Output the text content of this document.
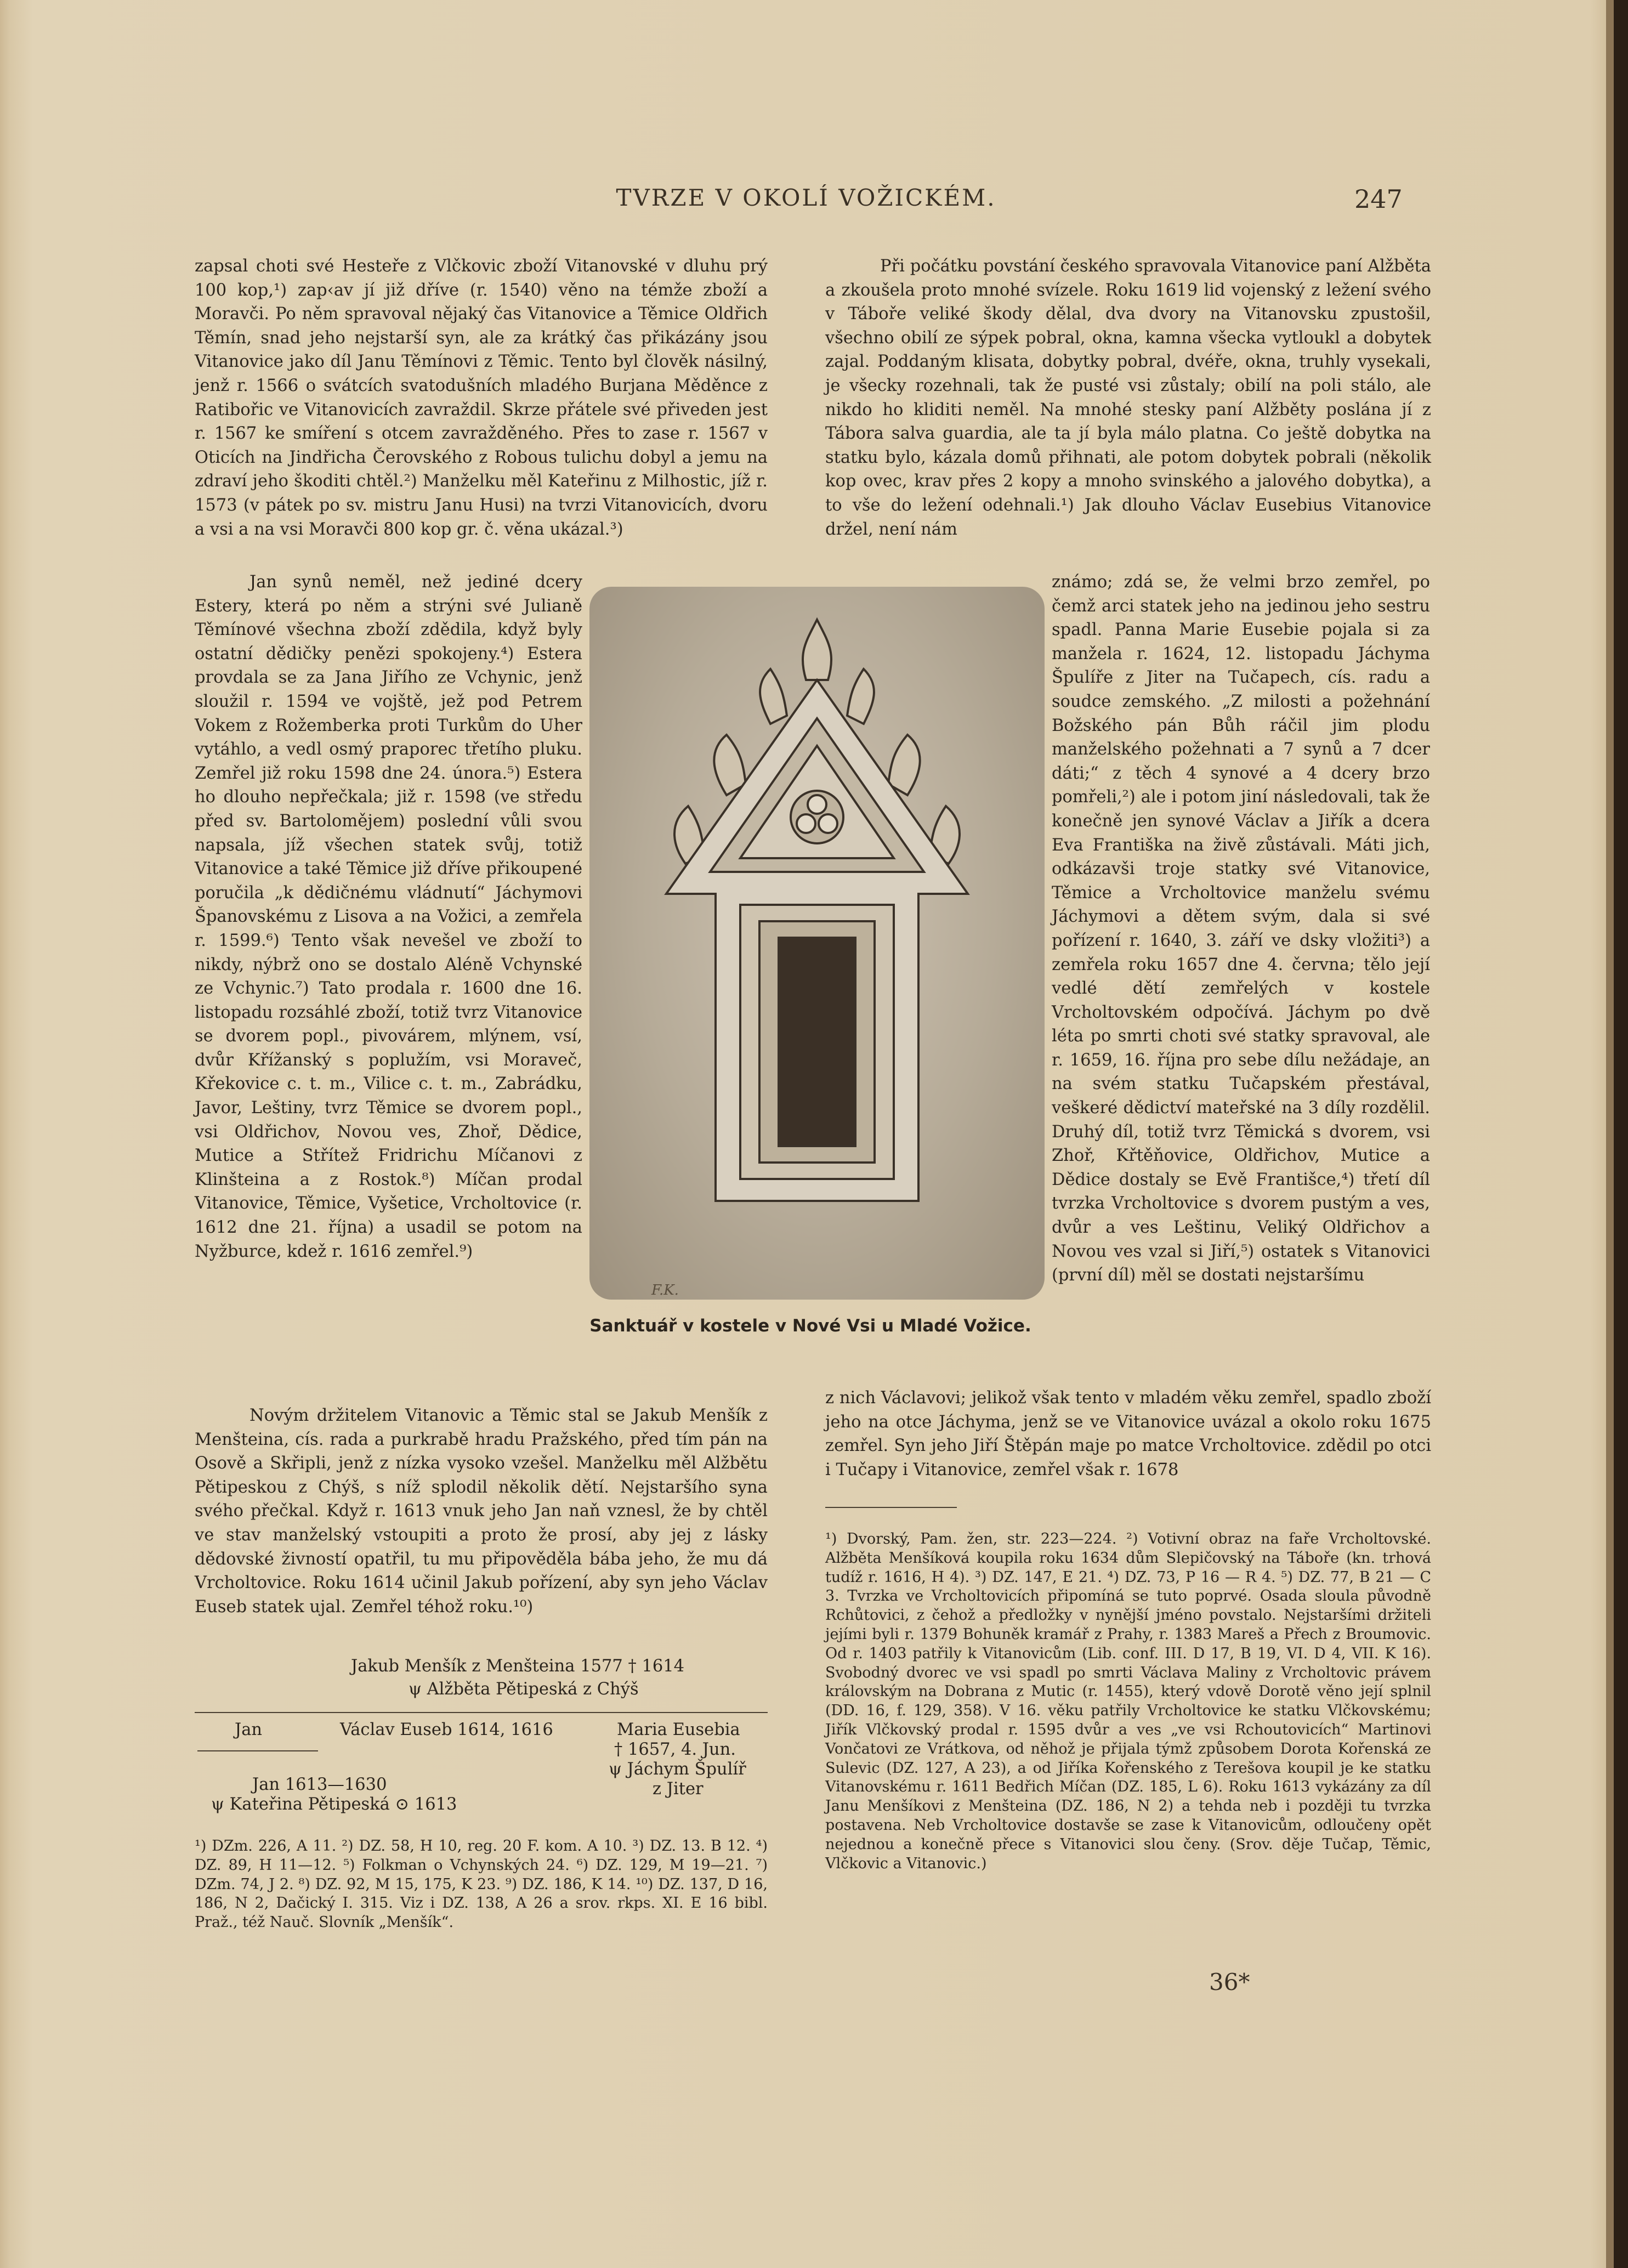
TVRZE V OKOLÍ VOŽICKÉM.	247

zapsal choti své Hesteře z Vlčkovic zboží Vitanovské v dluhu prý 100 kop,¹) zap‹av jí již dříve (r. 1540) věno na témže zboží a Moravči. Po něm spravoval nějaký čas Vitanovice a Těmice Oldřich Těmín, snad jeho nejstarší syn, ale za krátký čas přikázány jsou Vitanovice jako díl Janu Těmínovi z Těmic. Tento byl člověk násilný, jenž r. 1566 o svátcích svatodušních mladého Burjana Měděnce z Ratibořic ve Vitanovicích zavraždil. Skrze přátele své přiveden jest r. 1567 ke smíření s otcem zavražděného. Přes to zase r. 1567 v Oticích na Jindřicha Čerovského z Robous tulichu dobyl a jemu na zdraví jeho škoditi chtěl.²) Manželku měl Kateřinu z Milhostic, jíž r. 1573 (v pátek po sv. mistru Janu Husi) na tvrzi Vitanovicích, dvoru a vsi a na vsi Moravči 800 kop gr. č. věna ukázal.³)

Jan synů neměl, než jediné dcery Estery, která po něm a strýni své Julianě Těmínové všechna zboží zdědila, když byly ostatní dědičky penězi spokojeny.⁴) Estera provdala se za Jana Jiřího ze Vchynic, jenž sloužil r. 1594 ve vojště, jež pod Petrem Vokem z Rožemberka proti Turkům do Uher vytáhlo, a vedl osmý praporec třetího pluku. Zemřel již roku 1598 dne 24. února.⁵) Estera ho dlouho nepřečkala; již r. 1598 (ve středu před sv. Bartolomějem) poslední vůli svou napsala, jíž všechen statek svůj, totiž Vitanovice a také Těmice již dříve přikoupené poručila „k dědičnému vládnutí“ Jáchymovi Španovskému z Lisova a na Vožici, a zemřela r. 1599.⁶) Tento však nevešel ve zboží to nikdy, nýbrž ono se dostalo Aléně Vchynské ze Vchynic.⁷) Tato prodala r. 1600 dne 16. listopadu rozsáhlé zboží, totiž tvrz Vitanovice se dvorem popl., pivovárem, mlýnem, vsí, dvůr Křížanský s poplužím, vsi Moraveč, Křekovice c. t. m., Vilice c. t. m., Zabrádku, Javor, Leštiny, tvrz Těmice se dvorem popl., vsi Oldřichov, Novou ves, Zhoř, Dědice, Mutice a Střítež Fridrichu Míčanovi z Klinšteina a z Rostok.⁸) Míčan prodal Vitanovice, Těmice, Vyšetice, Vrcholtovice (r. 1612 dne 21. října) a usadil se potom na Nyžburce, kdež r. 1616 zemřel.⁹)

Novým držitelem Vitanovic a Těmic stal se Jakub Menšík z Menšteina, cís. rada a purkrabě hradu Pražského, před tím pán na Osově a Skřipli, jenž z nízka vysoko vzešel. Manželku měl Alžbětu Pětipeskou z Chýš, s níž splodil několik dětí. Nejstaršího syna svého přečkal. Když r. 1613 vnuk jeho Jan naň vznesl, že by chtěl ve stav manželský vstoupiti a proto že prosí, aby jej z lásky dědovské živností opatřil, tu mu připověděla bába jeho, že mu dá Vrcholtovice. Roku 1614 učinil Jakub pořízení, aby syn jeho Václav Euseb statek ujal. Zemřel téhož roku.¹⁰)

F.K.
Sanktuář v kostele v Nové Vsi u Mladé Vožice.

Při počátku povstání českého spravovala Vitanovice paní Alžběta a zkoušela proto mnohé svízele. Roku 1619 lid vojenský z ležení svého v Táboře veliké škody dělal, dva dvory na Vitanovsku zpustošil, všechno obilí ze sýpek pobral, okna, kamna všecka vytloukl a dobytek zajal. Poddaným klisata, dobytky pobral, dvéře, okna, truhly vysekali, je všecky rozehnali, tak že pusté vsi zůstaly; obilí na poli stálo, ale nikdo ho kliditi neměl. Na mnohé stesky paní Alžběty poslána jí z Tábora salva guardia, ale ta jí byla málo platna. Co ještě dobytka na statku bylo, kázala domů přihnati, ale potom dobytek pobrali (několik kop ovec, krav přes 2 kopy a mnoho svinského a jalového dobytka), a to vše do ležení odehnali.¹) Jak dlouho Václav Eusebius Vitanovice držel, není nám

známo; zdá se, že velmi brzo zemřel, po čemž arci statek jeho na jedinou jeho sestru spadl. Panna Marie Eusebie pojala si za manžela r. 1624, 12. listopadu Jáchyma Špulíře z Jiter na Tučapech, cís. radu a soudce zemského. „Z milosti a požehnání Božského pán Bůh ráčil jim plodu manželského požehnati a 7 synů a 7 dcer dáti;“ z těch 4 synové a 4 dcery brzo pomřeli,²) ale i potom jiní následovali, tak že konečně jen synové Václav a Jiřík a dcera Eva Františka na živě zůstávali. Máti jich, odkázavši troje statky své Vitanovice, Těmice a Vrcholtovice manželu svému Jáchymovi a dětem svým, dala si své pořízení r. 1640, 3. září ve dsky vložiti³) a zemřela roku 1657 dne 4. června; tělo její vedlé dětí zemřelých v kostele Vrcholtovském odpočívá. Jáchym po dvě léta po smrti choti své statky spravoval, ale r. 1659, 16. října pro sebe dílu nežádaje, an na svém statku Tučapském přestával, veškeré dědictví mateřské na 3 díly rozdělil. Druhý díl, totiž tvrz Těmická s dvorem, vsi Zhoř, Křtěňovice, Oldřichov, Mutice a Dědice dostaly se Evě Františce,⁴) třetí díl tvrzka Vrcholtovice s dvorem pustým a ves, dvůr a ves Leštinu, Veliký Oldřichov a Novou ves vzal si Jiří,⁵) ostatek s Vitanovici (první díl) měl se dostati nejstaršímu

z nich Václavovi; jelikož však tento v mladém věku zemřel, spadlo zboží jeho na otce Jáchyma, jenž se ve Vitanovice uvázal a okolo roku 1675 zemřel. Syn jeho Jiří Štěpán maje po matce Vrcholtovice. zdědil po otci i Tučapy i Vitanovice, zemřel však r. 1678

Jakub Menšík z Menšteina 1577 † 1614
ψ Alžběta Pětipeská z Chýš
Jan	Václav Euseb 1614, 1616	Maria Eusebia
† 1657, 4. Jun.
ψ Jáchym Špulíř
z Jiter
Jan 1613—1630
ψ Kateřina Pětipeská ⊙ 1613

¹) DZm. 226, A 11. ²) DZ. 58, H 10, reg. 20 F. kom. A 10. ³) DZ. 13. B 12. ⁴) DZ. 89, H 11—12. ⁵) Folkman o Vchynských 24. ⁶) DZ. 129, M 19—21. ⁷) DZm. 74, J 2. ⁸) DZ. 92, M 15, 175, K 23. ⁹) DZ. 186, K 14. ¹⁰) DZ. 137, D 16, 186, N 2, Dačický I. 315. Viz i DZ. 138, A 26 a srov. rkps. XI. E 16 bibl. Praž., též Nauč. Slovník „Menšík“.

¹) Dvorský, Pam. žen, str. 223—224. ²) Votivní obraz na faře Vrcholtovské. Alžběta Menšíková koupila roku 1634 dům Slepičovský na Táboře (kn. trhová tudíž r. 1616, H 4). ³) DZ. 147, E 21. ⁴) DZ. 73, P 16 — R 4. ⁵) DZ. 77, B 21 — C 3. Tvrzka ve Vrcholtovicích připomíná se tuto poprvé. Osada sloula původně Rchůtovici, z čehož a předložky v nynější jméno povstalo. Nejstaršími držiteli jejími byli r. 1379 Bohuněk kramář z Prahy, r. 1383 Mareš a Přech z Broumovic. Od r. 1403 patřily k Vitanovicům (Lib. conf. III. D 17, B 19, VI. D 4, VII. K 16). Svobodný dvorec ve vsi spadl po smrti Václava Maliny z Vrcholtovic právem královským na Dobrana z Mutic (r. 1455), který vdově Dorotě věno její splnil (DD. 16, f. 129, 358). V 16. věku patřily Vrcholtovice ke statku Vlčkovskému; Jiřík Vlčkovský prodal r. 1595 dvůr a ves „ve vsi Rchoutovicích“ Martinovi Vončatovi ze Vrátkova, od něhož je přijala týmž způsobem Dorota Kořenská ze Sulevic (DZ. 127, A 23), a od Jiříka Kořenského z Terešova koupil je ke statku Vitanovskému r. 1611 Bedřich Míčan (DZ. 185, L 6). Roku 1613 vykázány za díl Janu Menšíkovi z Menšteina (DZ. 186, N 2) a tehda neb i později tu tvrzka postavena. Neb Vrcholtovice dostavše se zase k Vitanovicům, odloučeny opět nejednou a konečně přece s Vitanovici slou čeny. (Srov. děje Tučap, Těmic, Vlčkovic a Vitanovic.)

36*
